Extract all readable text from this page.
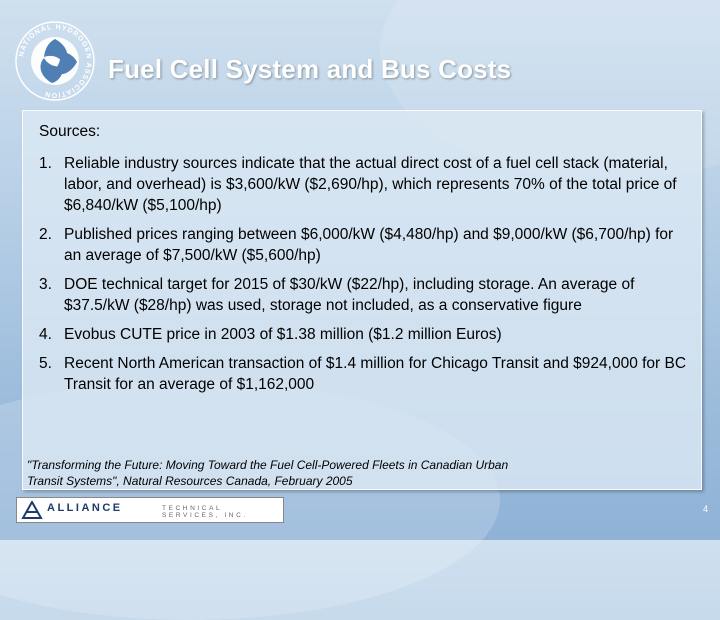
NATIONAL HYDROGEN ASSOCIATION
Fuel Cell System and Bus Costs
Sources:
1. Reliable industry sources indicate that the actual direct cost of a fuel cell stack (material, labor, and overhead) is $3,600/kW ($2,690/hp), which represents 70% of the total price of $6,840/kW ($5,100/hp)
2. Published prices ranging between $6,000/kW ($4,480/hp) and $9,000/kW ($6,700/hp) for an average of $7,500/kW ($5,600/hp)
3. DOE technical target for 2015 of $30/kW ($22/hp), including storage. An average of $37.5/kW ($28/hp) was used, storage not included, as a conservative figure
4. Evobus CUTE price in 2003 of $1.38 million ($1.2 million Euros)
5. Recent North American transaction of $1.4 million for Chicago Transit and $924,000 for BC Transit for an average of $1,162,000
"Transforming the Future: Moving Toward the Fuel Cell-Powered Fleets in Canadian Urban Transit Systems", Natural Resources Canada, February 2005
ALLIANCE	TECHNICAL SERVICES, INC.
4
